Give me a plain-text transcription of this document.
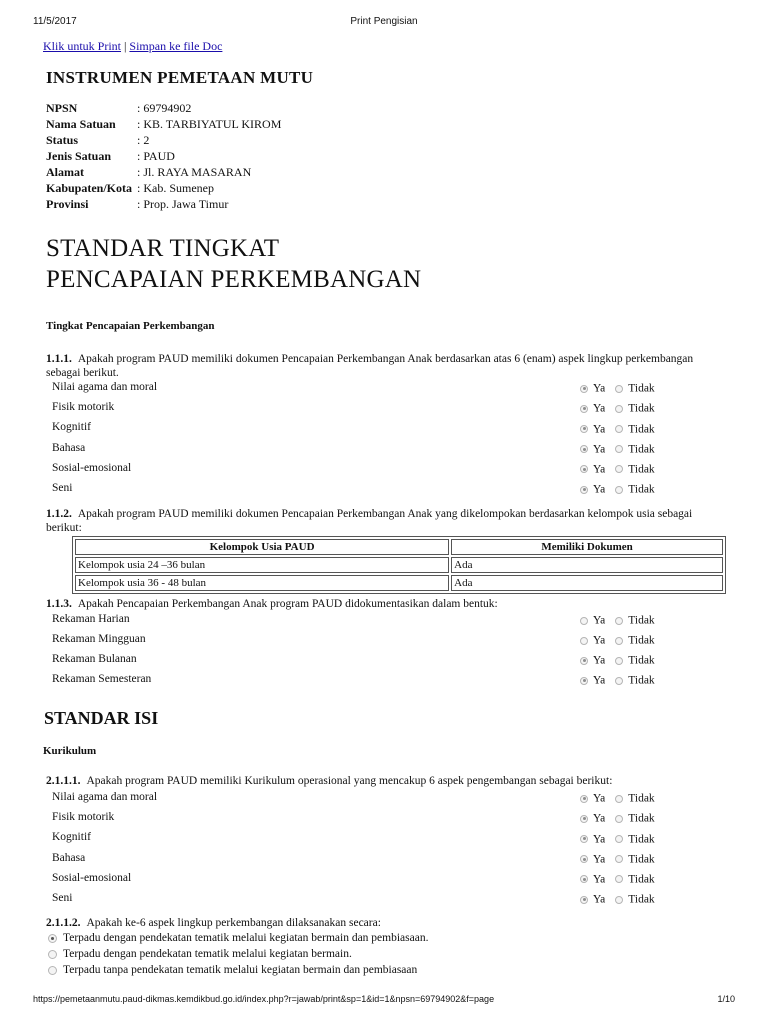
11/5/2017	Print Pengisian
Klik untuk Print | Simpan ke file Doc
INSTRUMEN PEMETAAN MUTU
NPSN	: 69794902
Nama Satuan	: KB. TARBIYATUL KIROM
Status	: 2
Jenis Satuan	: PAUD
Alamat	: Jl. RAYA MASARAN
Kabupaten/Kota	: Kab. Sumenep
Provinsi	: Prop. Jawa Timur
STANDAR TINGKAT
PENCAPAIAN PERKEMBANGAN
Tingkat Pencapaian Perkembangan
1.1.1. Apakah program PAUD memiliki dokumen Pencapaian Perkembangan Anak berdasarkan atas 6 (enam) aspek lingkup perkembangan sebagai berikut.
Nilai agama dan moral	Ya Tidak
Fisik motorik	Ya Tidak
Kognitif	Ya Tidak
Bahasa	Ya Tidak
Sosial-emosional	Ya Tidak
Seni	Ya Tidak
1.1.2. Apakah program PAUD memiliki dokumen Pencapaian Perkembangan Anak yang dikelompokan berdasarkan kelompok usia sebagai berikut:
Kelompok Usia PAUD	Memiliki Dokumen
Kelompok usia 24 –36 bulan	Ada
Kelompok usia 36 - 48 bulan	Ada
1.1.3. Apakah Pencapaian Perkembangan Anak program PAUD didokumentasikan dalam bentuk:
Rekaman Harian	Ya Tidak
Rekaman Mingguan	Ya Tidak
Rekaman Bulanan	Ya Tidak
Rekaman Semesteran	Ya Tidak
STANDAR ISI
Kurikulum
2.1.1.1. Apakah program PAUD memiliki Kurikulum operasional yang mencakup 6 aspek pengembangan sebagai berikut:
Nilai agama dan moral	Ya Tidak
Fisik motorik	Ya Tidak
Kognitif	Ya Tidak
Bahasa	Ya Tidak
Sosial-emosional	Ya Tidak
Seni	Ya Tidak
2.1.1.2. Apakah ke-6 aspek lingkup perkembangan dilaksanakan secara:
Terpadu dengan pendekatan tematik melalui kegiatan bermain dan pembiasaan.
Terpadu dengan pendekatan tematik melalui kegiatan bermain.
Terpadu tanpa pendekatan tematik melalui kegiatan bermain dan pembiasaan
https://pemetaanmutu.paud-dikmas.kemdikbud.go.id/index.php?r=jawab/print&sp=1&id=1&npsn=69794902&f=page	1/10
